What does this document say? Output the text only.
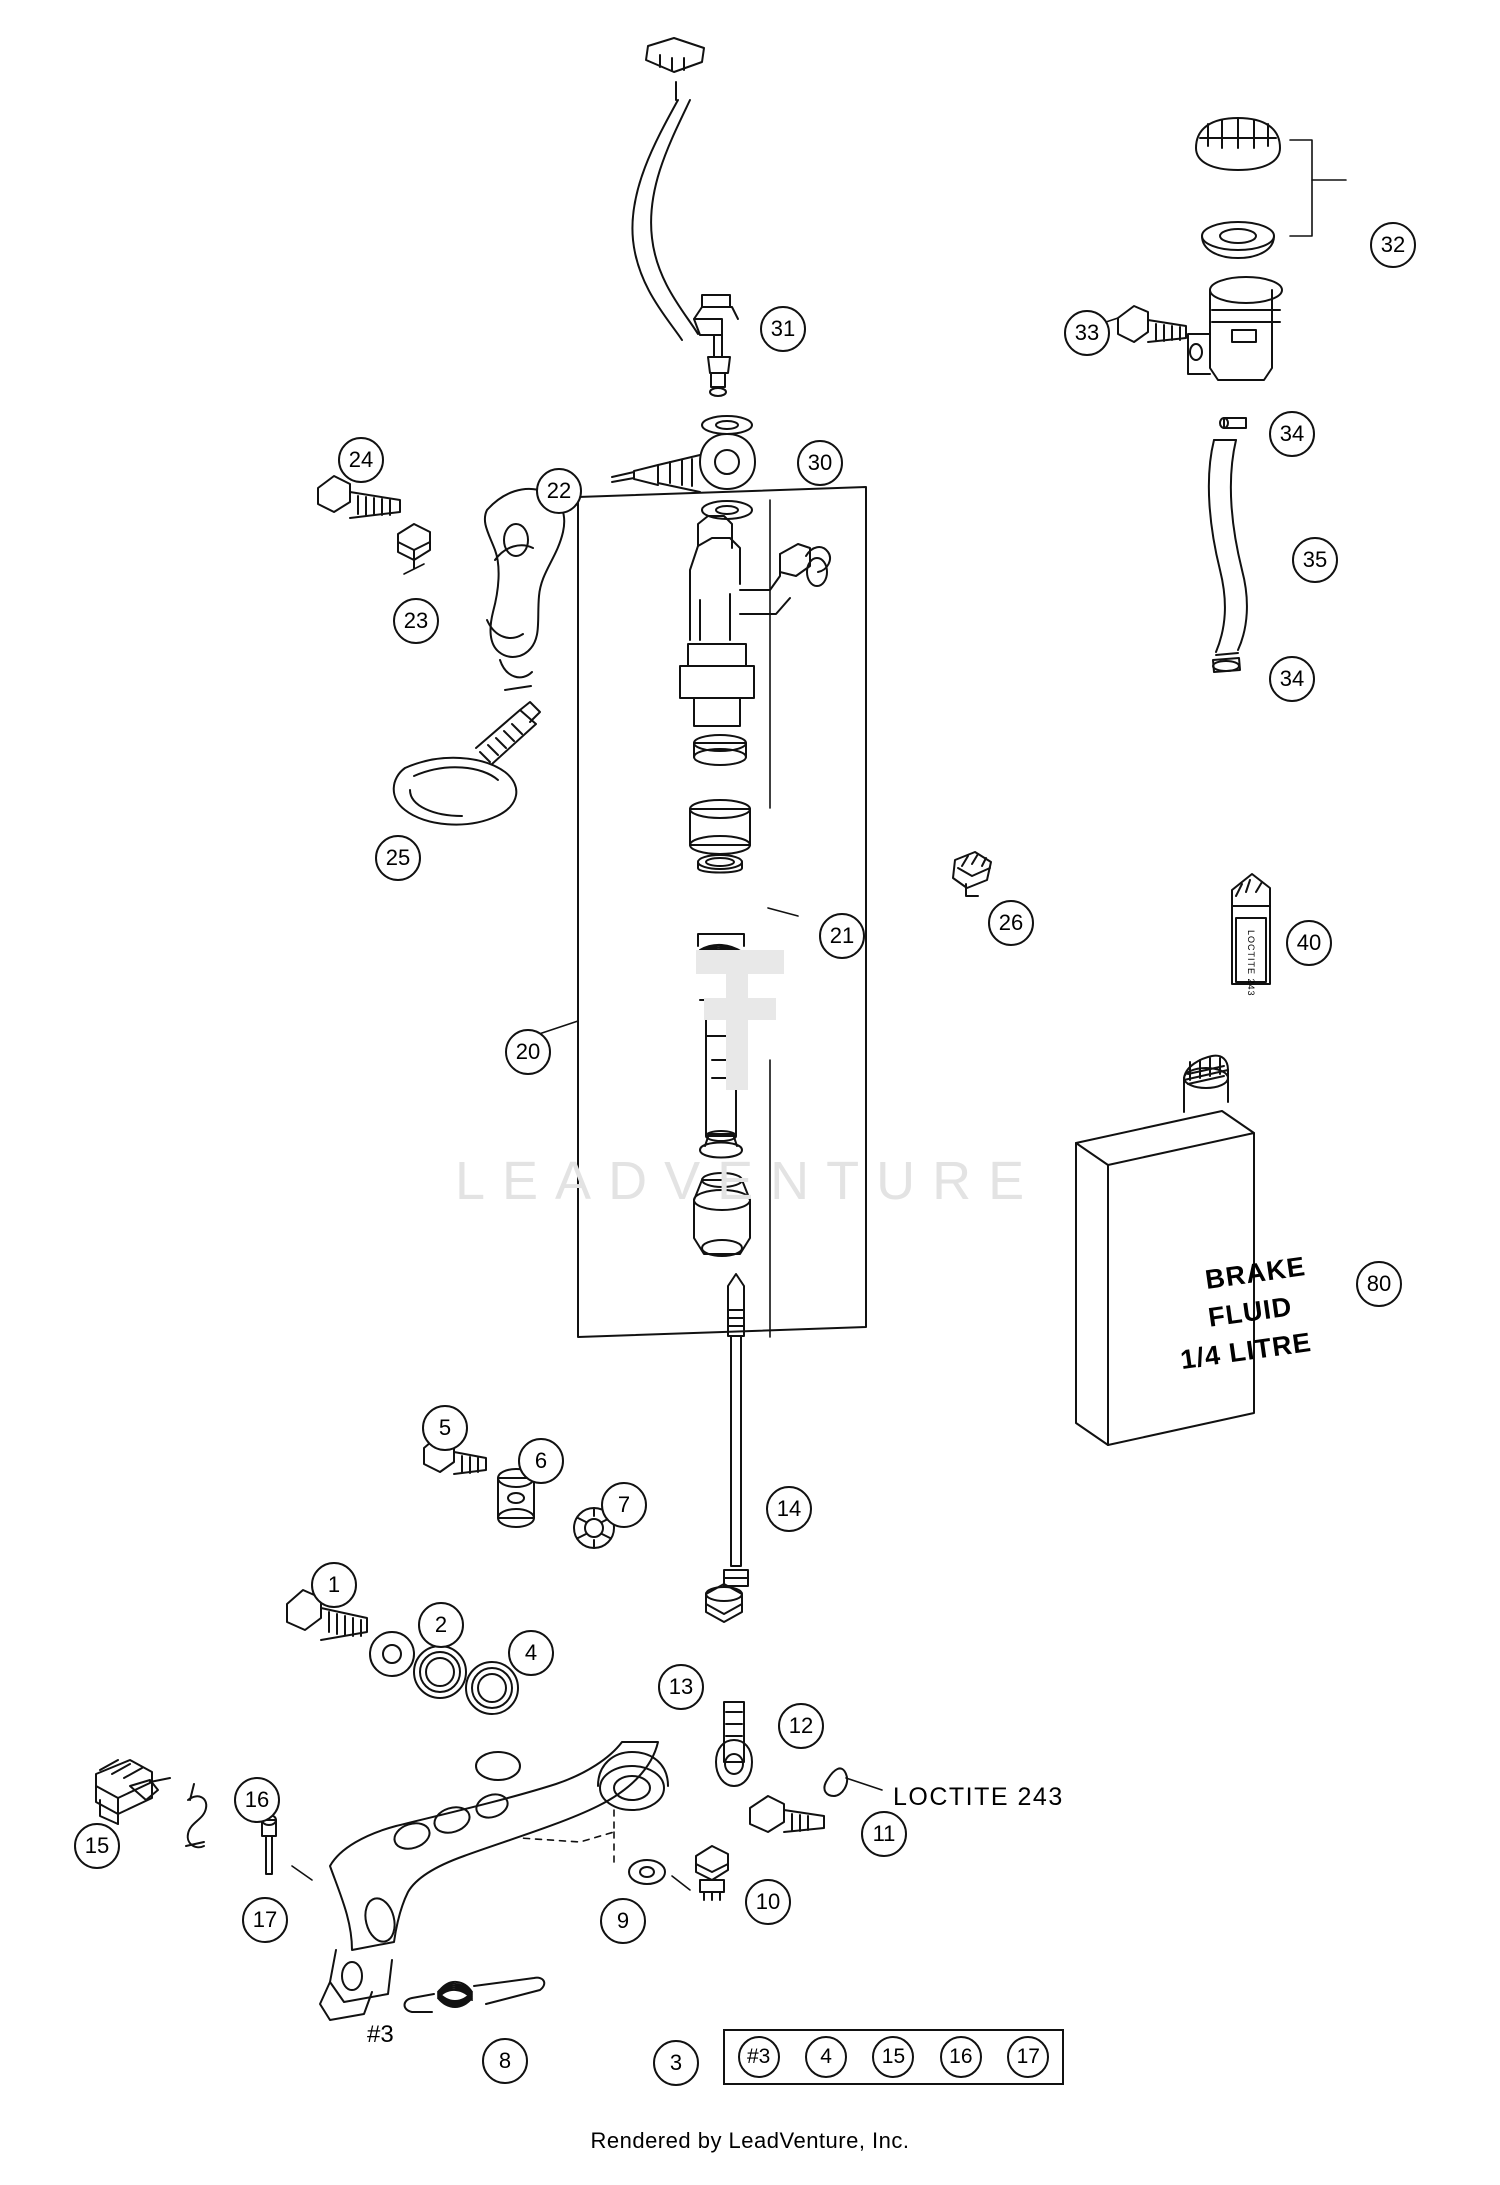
LEADVENTURE
LOCTITE 243
BRAKE
FLUID
1/4 LITRE
LOCTITE 243
#3
31
32
33
34
30
24
22
23
35
34
25
26
21	40
20
80
5
6
7	14
1
2
4
13
12
16
11
15
10
17	9
8	3	#3	4	15	16	17
Rendered by LeadVenture, Inc.
